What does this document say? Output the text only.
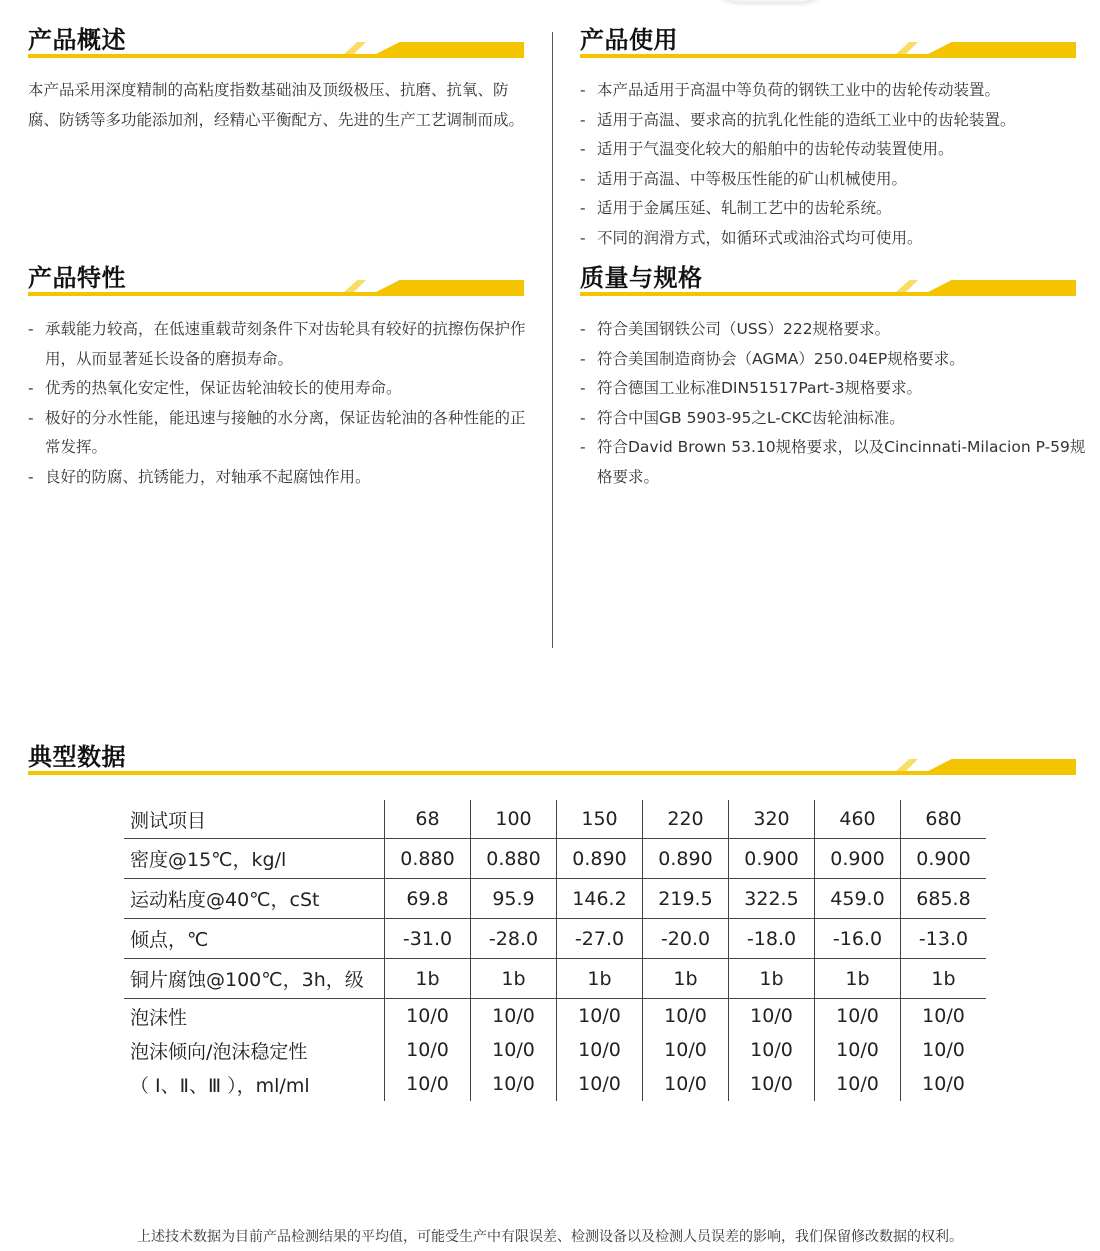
产品概述

本产品采用深度精制的高粘度指数基础油及顶级极压、抗磨、抗氧、防腐、防锈等多功能添加剂，经精心平衡配方、先进的生产工艺调制而成。

产品特性
- 承载能力较高，在低速重载苛刻条件下对齿轮具有较好的抗擦伤保护作用，从而显著延长设备的磨损寿命。
- 优秀的热氧化安定性，保证齿轮油较长的使用寿命。
- 极好的分水性能，能迅速与接触的水分离，保证齿轮油的各种性能的正常发挥。
- 良好的防腐、抗锈能力，对轴承不起腐蚀作用。
产品使用
- 本产品适用于高温中等负荷的钢铁工业中的齿轮传动装置。
- 适用于高温、要求高的抗乳化性能的造纸工业中的齿轮装置。
- 适用于气温变化较大的船舶中的齿轮传动装置使用。
- 适用于高温、中等极压性能的矿山机械使用。
- 适用于金属压延、轧制工艺中的齿轮系统。
- 不同的润滑方式，如循环式或油浴式均可使用。
质量与规格
- 符合美国钢铁公司（USS）222规格要求。
- 符合美国制造商协会（AGMA）250.04EP规格要求。
- 符合德国工业标准DIN51517Part-3规格要求。
- 符合中国GB 5903-95之L-CKC齿轮油标准。
- 符合David Brown 53.10规格要求，以及Cincinnati-Milacion P-59规格要求。
典型数据
测试项目	68	100	150	220	320	460	680
密度@15℃，kg/l	0.880	0.880	0.890	0.890	0.900	0.900	0.900
运动粘度@40℃，cSt	69.8	95.9	146.2	219.5	322.5	459.0	685.8
倾点，℃	-31.0	-28.0	-27.0	-20.0	-18.0	-16.0	-13.0
铜片腐蚀@100℃，3h，级	1b	1b	1b	1b	1b	1b	1b
泡沫性	10/0	10/0	10/0	10/0	10/0	10/0	10/0
泡沫倾向/泡沫稳定性	10/0	10/0	10/0	10/0	10/0	10/0	10/0
（ Ⅰ、Ⅱ、Ⅲ ），ml/ml	10/0	10/0	10/0	10/0	10/0	10/0	10/0
上述技术数据为目前产品检测结果的平均值，可能受生产中有限误差、检测设备以及检测人员误差的影响，我们保留修改数据的权利。
